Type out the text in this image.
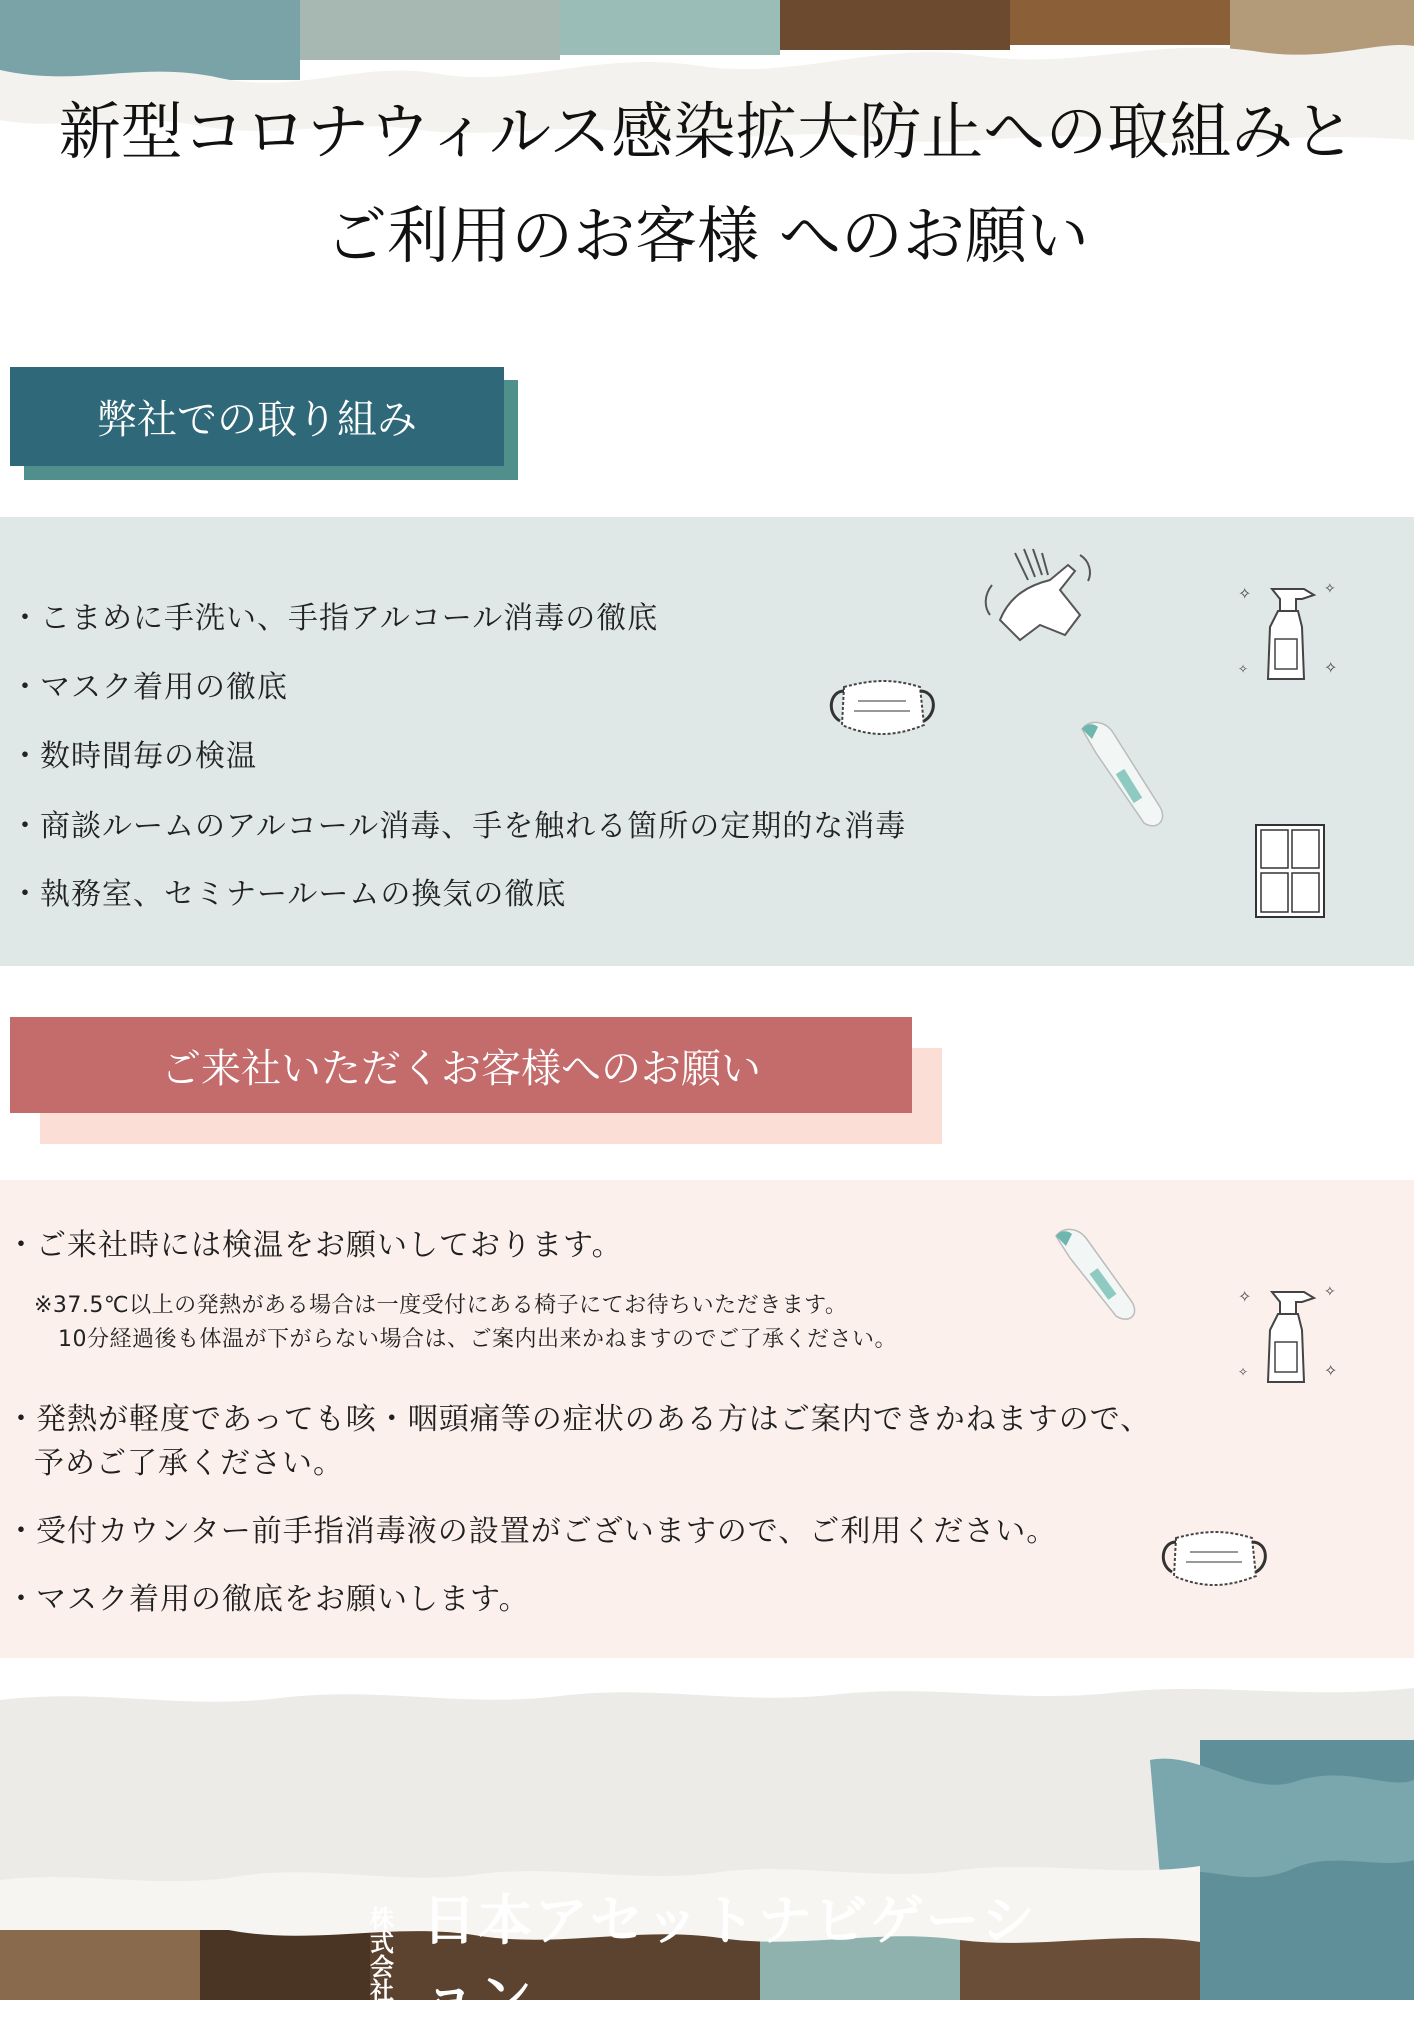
新型コロナウィルス感染拡大防止への取組みと
ご利用のお客様 へのお願い
弊社での取り組み
・こまめに手洗い、手指アルコール消毒の徹底
・マスク着用の徹底
・数時間毎の検温
・商談ルームのアルコール消毒、手を触れる箇所の定期的な消毒
・執務室、セミナールームの換気の徹底
✧	✧
✧	✧
ご来社いただくお客様へのお願い
・ご来社時には検温をお願いしております。
※37.5℃以上の発熱がある場合は一度受付にある椅子にてお待ちいただきます。
10分経過後も体温が下がらない場合は、ご案内出来かねますのでご了承ください。
・発熱が軽度であっても咳・咽頭痛等の症状のある方はご案内できかねますので、
予めご了承ください。
・受付カウンター前手指消毒液の設置がございますので、ご利用ください。
・マスク着用の徹底をお願いします。
✧	✧
✧	✧
株式
会社
日本アセットナビゲーション
